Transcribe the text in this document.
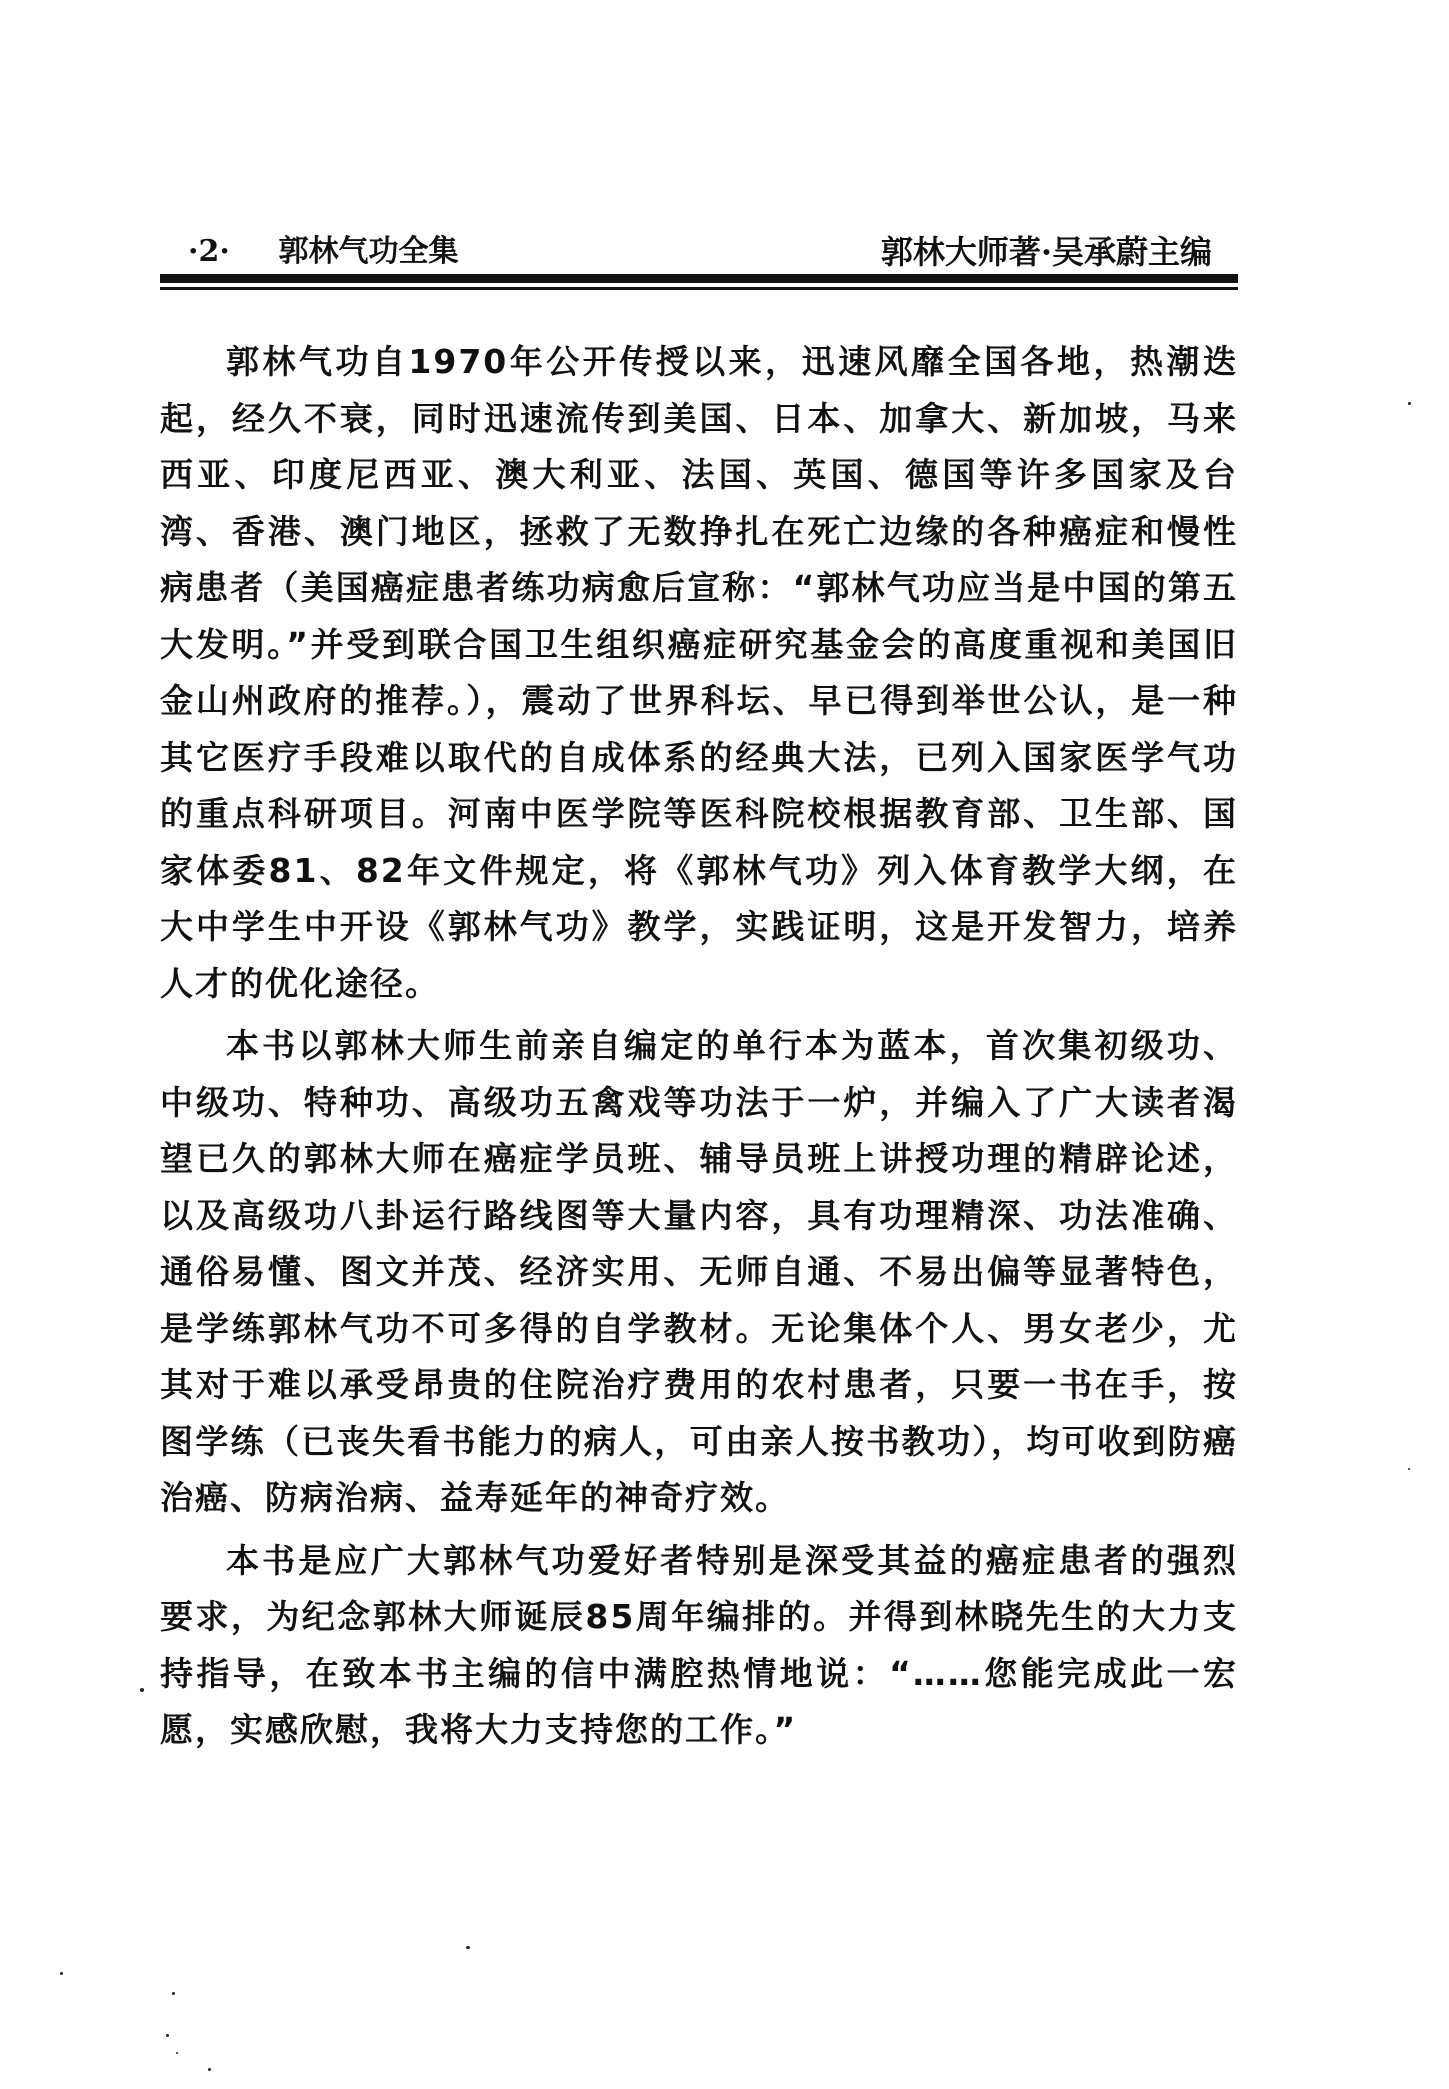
·2· 郭林气功全集	郭林大师著·吴承蔚主编

郭林气功自1970年公开传授以来，迅速风靡全国各地，热潮迭起，经久不衰，同时迅速流传到美国、日本、加拿大、新加坡，马来西亚、印度尼西亚、澳大利亚、法国、英国、德国等许多国家及台湾、香港、澳门地区，拯救了无数挣扎在死亡边缘的各种癌症和慢性病患者（美国癌症患者练功病愈后宣称：“郭林气功应当是中国的第五大发明。”并受到联合国卫生组织癌症研究基金会的高度重视和美国旧金山州政府的推荐。），震动了世界科坛、早已得到举世公认，是一种其它医疗手段难以取代的自成体系的经典大法，已列入国家医学气功的重点科研项目。河南中医学院等医科院校根据教育部、卫生部、国家体委81、82年文件规定，将《郭林气功》列入体育教学大纲，在大中学生中开设《郭林气功》教学，实践证明，这是开发智力，培养人才的优化途径。

本书以郭林大师生前亲自编定的单行本为蓝本，首次集初级功、中级功、特种功、高级功五禽戏等功法于一炉，并编入了广大读者渴望已久的郭林大师在癌症学员班、辅导员班上讲授功理的精辟论述，以及高级功八卦运行路线图等大量内容，具有功理精深、功法准确、通俗易懂、图文并茂、经济实用、无师自通、不易出偏等显著特色，是学练郭林气功不可多得的自学教材。无论集体个人、男女老少，尤其对于难以承受昂贵的住院治疗费用的农村患者，只要一书在手，按图学练（已丧失看书能力的病人，可由亲人按书教功），均可收到防癌治癌、防病治病、益寿延年的神奇疗效。

本书是应广大郭林气功爱好者特别是深受其益的癌症患者的强烈要求，为纪念郭林大师诞辰85周年编排的。并得到林晓先生的大力支持指导，在致本书主编的信中满腔热情地说：“……您能完成此一宏愿，实感欣慰，我将大力支持您的工作。”
